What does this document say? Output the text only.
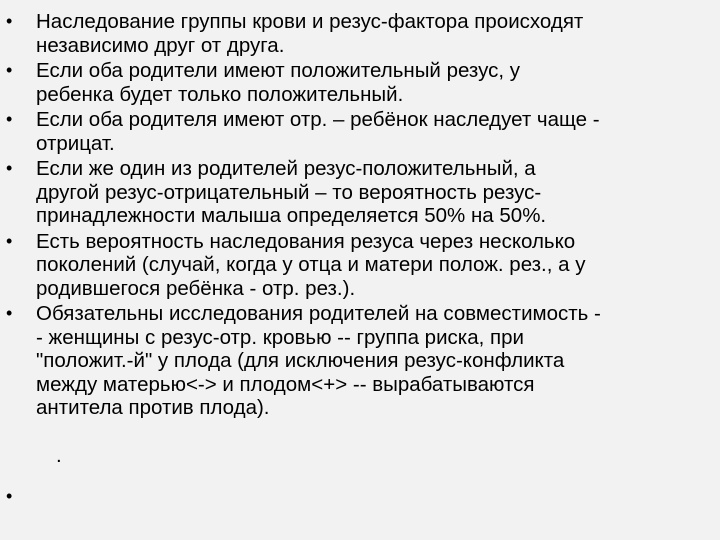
• Наследование группы крови и резус-фактора происходят
независимо друг от друга.
• Если оба родители имеют положительный резус, у
ребенка будет только положительный.
• Если оба родителя имеют отр. – ребёнок наследует чаще -
отрицат.
• Если же один из родителей резус-положительный, а
другой резус-отрицательный – то вероятность резус-
принадлежности малыша определяется 50% на 50%.
• Есть вероятность наследования резуса через несколько
поколений (случай, когда у отца и матери полож. рез., а у
родившегося ребёнка - отр. рез.).
• Обязательны исследования родителей на совместимость -
- женщины с резус-отр. кровью -- группа риска, при
"положит.-й" у плода (для исключения резус-конфликта
между матерью<-> и плодом<+> -- вырабатываются
антитела против плода).
.
•
